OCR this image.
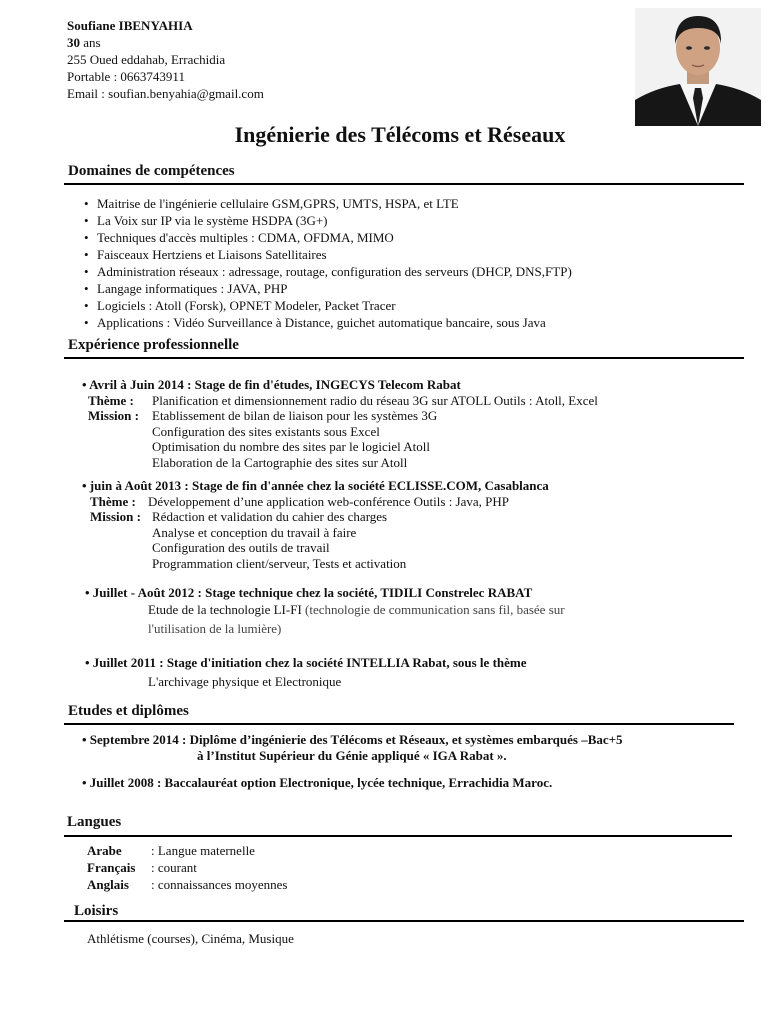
Soufiane IBENYAHIA
30 ans
255 Oued eddahab, Errachidia
Portable : 0663743911
Email : soufian.benyahia@gmail.com
Ingénierie des Télécoms et Réseaux
Domaines de compétences
• Maitrise de l'ingénierie cellulaire GSM,GPRS, UMTS, HSPA, et LTE
• La Voix sur IP via le système HSDPA (3G+)
• Techniques d'accès multiples : CDMA, OFDMA, MIMO
• Faisceaux Hertziens et Liaisons Satellitaires
• Administration réseaux : adressage, routage, configuration des serveurs (DHCP, DNS,FTP)
• Langage informatiques : JAVA, PHP
• Logiciels : Atoll (Forsk), OPNET Modeler, Packet Tracer
• Applications : Vidéo Surveillance à Distance, guichet automatique bancaire, sous Java
Expérience professionnelle
• Avril à Juin 2014 : Stage de fin d'études, INGECYS Telecom Rabat
Thème : Planification et dimensionnement radio du réseau 3G sur ATOLL Outils : Atoll, Excel
Mission : Etablissement de bilan de liaison pour les systèmes 3G
Configuration des sites existants sous Excel
Optimisation du nombre des sites par le logiciel Atoll
Elaboration de la Cartographie des sites sur Atoll
• juin à Août 2013 : Stage de fin d'année chez la société ECLISSE.COM, Casablanca
Thème : Développement d’une application web-conférence Outils : Java, PHP
Mission : Rédaction et validation du cahier des charges
Analyse et conception du travail à faire
Configuration des outils de travail
Programmation client/serveur, Tests et activation
• Juillet - Août 2012 : Stage technique chez la société, TIDILI Constrelec RABAT
Etude de la technologie LI-FI (technologie de communication sans fil, basée sur
l'utilisation de la lumière)
• Juillet 2011 : Stage d'initiation chez la société INTELLIA Rabat, sous le thème
L'archivage physique et Electronique
Etudes et diplômes
• Septembre 2014 : Diplôme d’ingénierie des Télécoms et Réseaux, et systèmes embarqués –Bac+5
à l’Institut Supérieur du Génie appliqué « IGA Rabat ».
• Juillet 2008 : Baccalauréat option Electronique, lycée technique, Errachidia Maroc.
Langues
Arabe	: Langue maternelle
Français	: courant
Anglais	: connaissances moyennes
Loisirs
Athlétisme (courses), Cinéma, Musique
